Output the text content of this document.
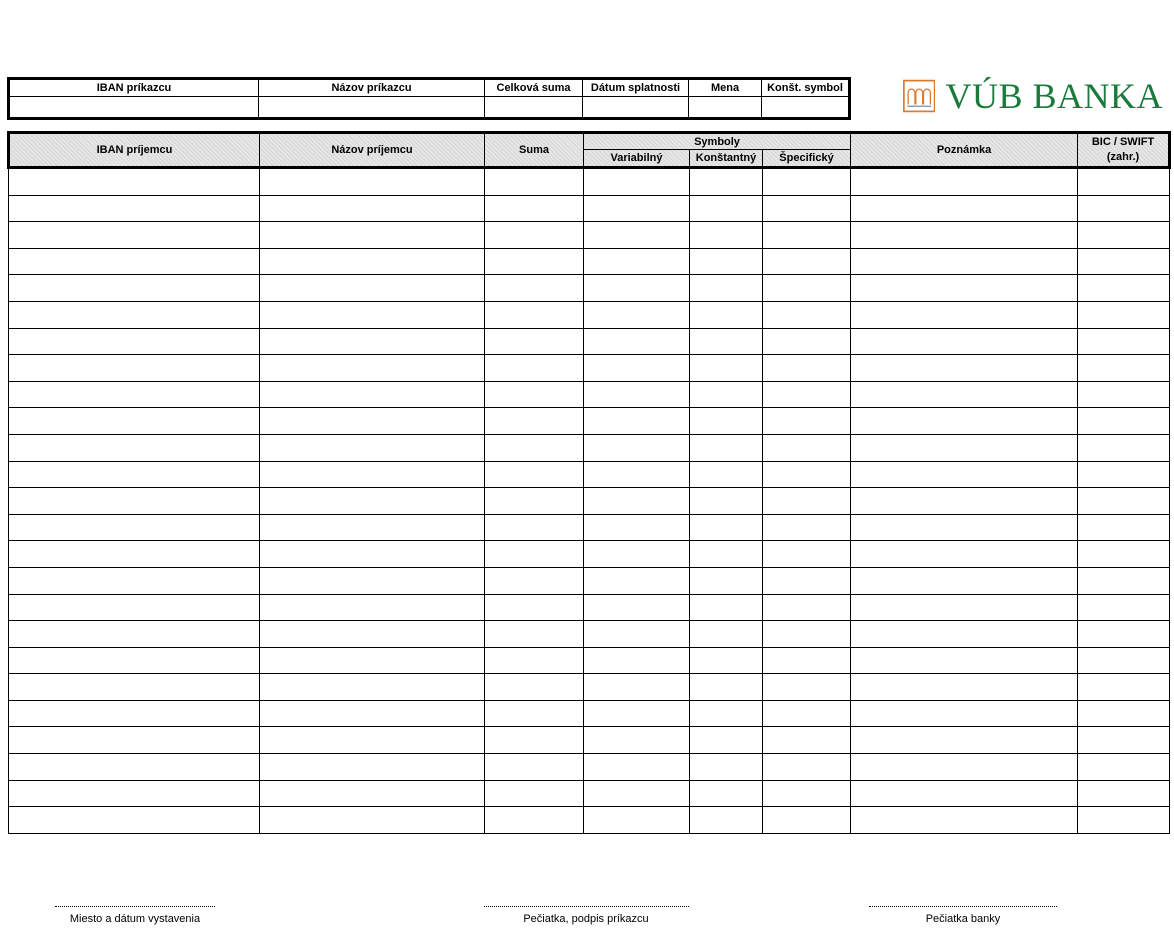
IBAN príkazcu	Názov príkazcu	Celková suma	Dátum splatnosti	Mena	Konšt. symbol
						VÚB BANKA
IBAN príjemcu	Názov príjemcu	Suma	Symboly			Poznámka	BIC / SWIFT (zahr.)
			Variabilný	Konštantný	Špecifický		

Miesto a dátum vystavenia	Pečiatka, podpis príkazcu	Pečiatka banky
